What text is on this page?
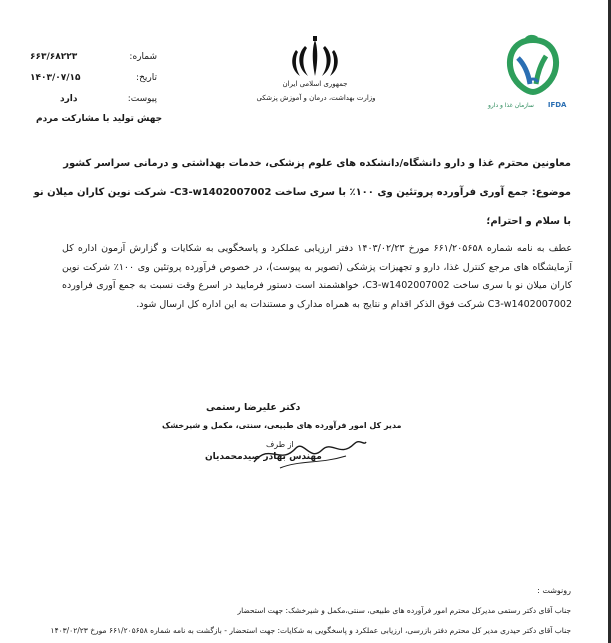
شماره:
۶۶۳/۶۸۲۲۳
تاریخ:
۱۴۰۳/۰۷/۱۵
پیوست:
دارد
جهش تولید با مشارکت مردم
جمهوری اسلامی ایران
وزارت بهداشت، درمان و آموزش پزشکی
سازمان غذا و دارو IFDA
معاونین محترم غذا و دارو دانشگاه/دانشکده های علوم پزشکی، خدمات بهداشتی و درمانی سراسر کشور
موضوع: جمع آوری فرآورده پروتئین وی ۱۰۰٪ با سری ساخت C3-w1402007002- شرکت نوین کاران میلان نو
با سلام و احترام؛

عطف به نامه شماره ۶۶۱/۲۰۵۶۵۸ مورخ ۱۴۰۳/۰۲/۲۳ دفتر ارزیابی عملکرد و پاسخگویی به شکایات و گزارش آزمون اداره کل آزمایشگاه های مرجع کنترل غذا، دارو و تجهیزات پزشکی (تصویر به پیوست)، در خصوص فرآورده پروتئین وی ۱۰۰٪ شرکت نوین کاران میلان نو با سری ساخت C3-w1402007002، خواهشمند است دستور فرمایید در اسرع وقت نسبت به جمع آوری فراورده C3-w1402007002 شرکت فوق الذکر اقدام و نتایج به همراه مدارک و مستندات به این اداره کل ارسال شود.

دکتر علیرضا رستمی
مدیر کل امور فرآورده های طبیعی، سنتی، مکمل و شیرخشک
از طرف
مهندس بهادر صیدمحمدیان
رونوشت :
جناب آقای دکتر رستمی مدیرکل محترم امور فرآورده های طبیعی، سنتی،مکمل و شیرخشک: جهت استحضار
جناب آقای دکتر حیدری مدیر کل محترم دفتر بازرسی، ارزیابی عملکرد و پاسخگویی به شکایات: جهت استحضار - بازگشت به نامه شماره ۶۶۱/۲۰۵۶۵۸ مورخ ۱۴۰۳/۰۲/۲۳
